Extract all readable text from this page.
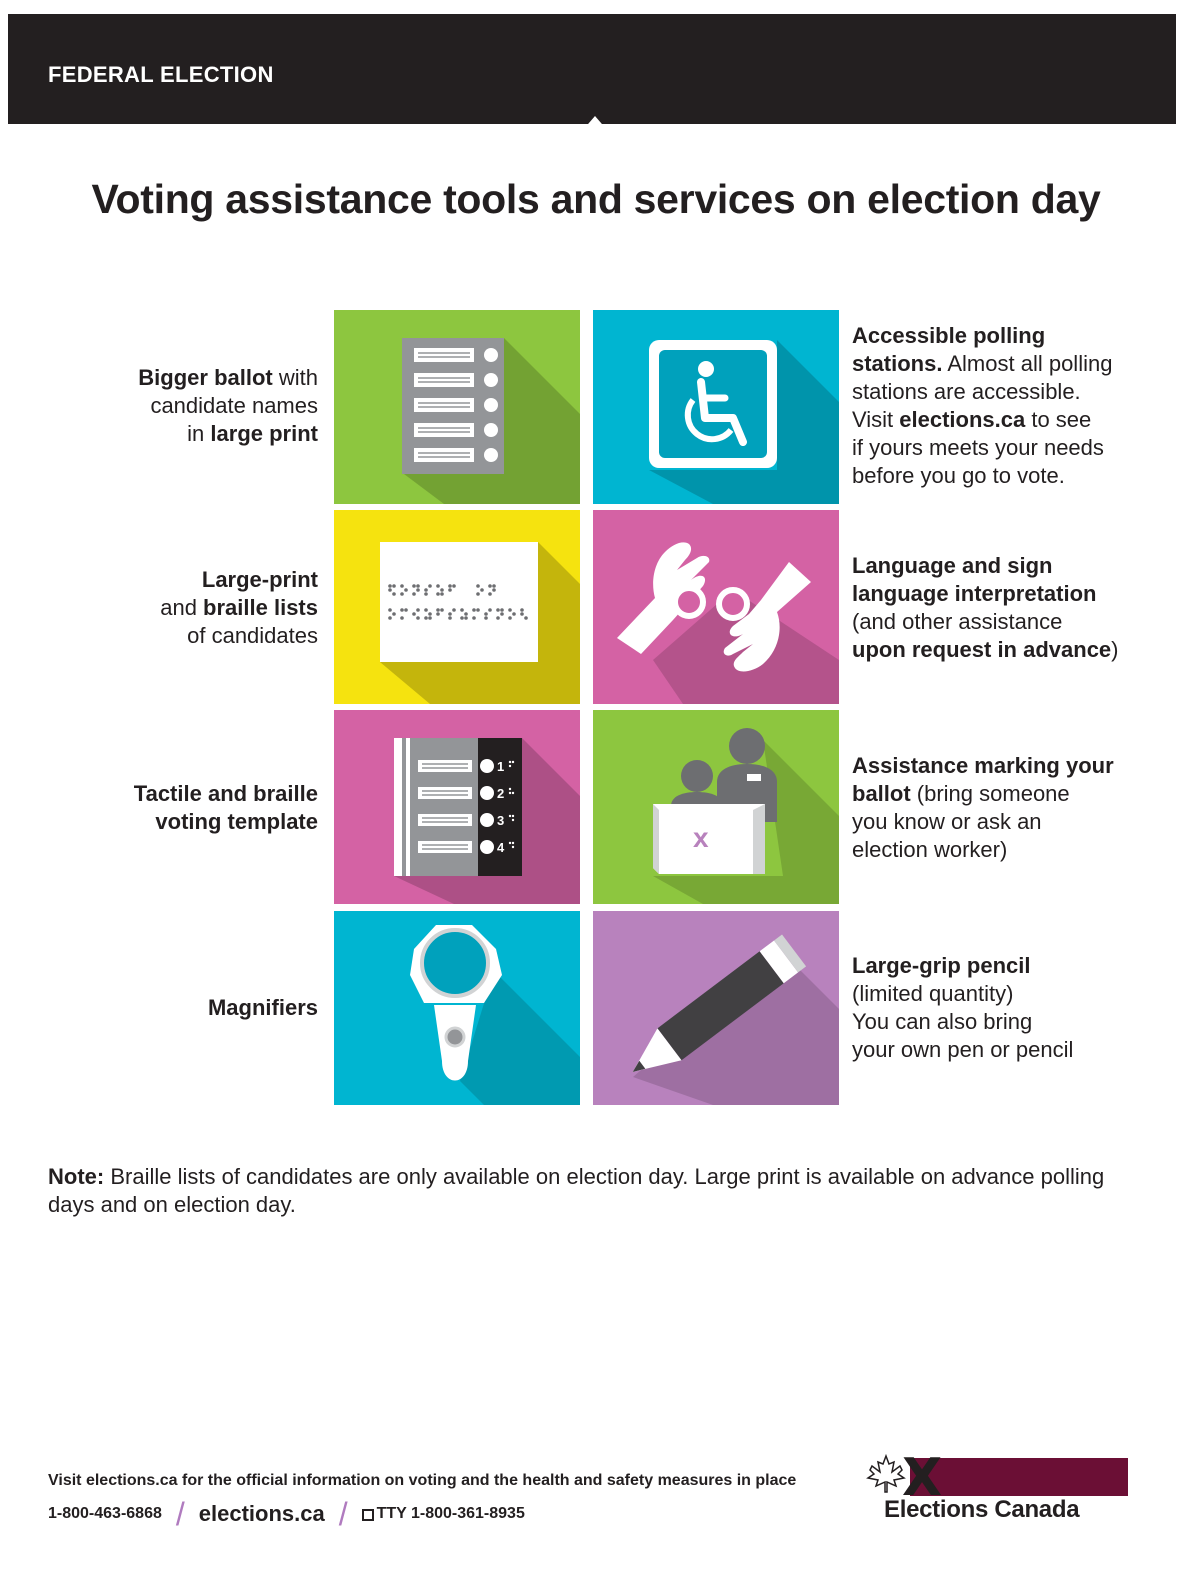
FEDERAL ELECTION
Voting assistance tools and services on election day
Bigger ballot with
candidate names
in large print
Accessible polling
stations. Almost all polling
stations are accessible.
Visit elections.ca to see
if yours meets your needs
before you go to vote.
Large-print
and braille lists
of candidates
Language and sign
language interpretation
(and other assistance
upon request in advance)
Tactile and braille
voting template
1
2
3
4	x
Assistance marking your
ballot (bring someone
you know or ask an
election worker)
Magnifiers
Large-grip pencil
(limited quantity)
You can also bring
your own pen or pencil
Note: Braille lists of candidates are only available on election day. Large print is available on advance polling days and on election day.
Visit elections.ca for the official information on voting and the health and safety measures in place
1-800-463-6868 / elections.ca / TTY 1-800-361-8935
X
Elections Canada
